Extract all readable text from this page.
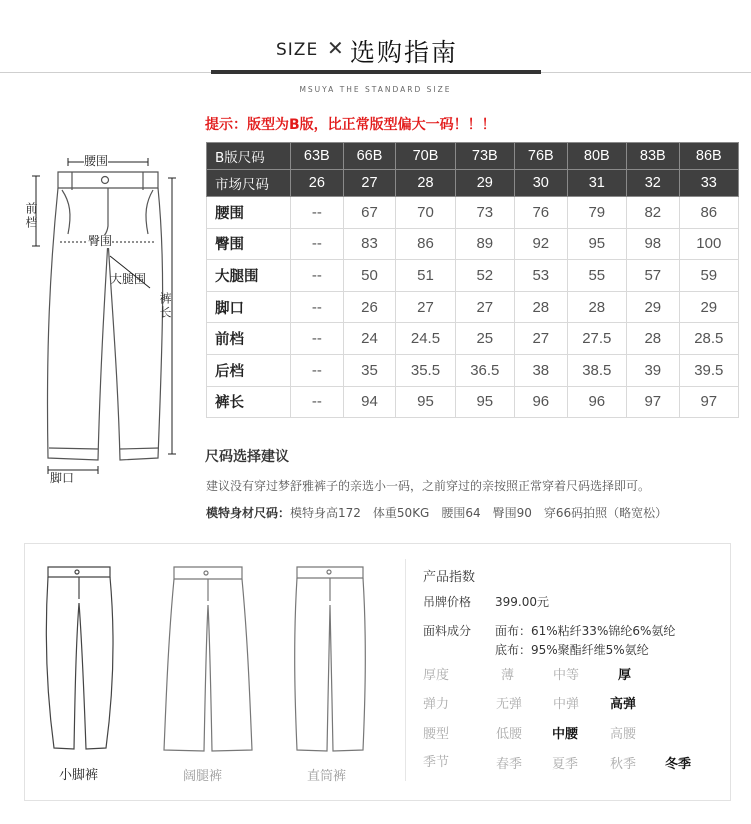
SIZE ✕ 选购指南
MSUYA THE STANDARD SIZE
提示：版型为B版，比正常版型偏大一码！！！
腰围
前档
臀围
大腿围
裤长
脚口
B版尺码	63B	66B	70B	73B	76B	80B	83B	86B
市场尺码	26	27	28	29	30	31	32	33
腰围	--	67	70	73	76	79	82	86
臀围	--	83	86	89	92	95	98	100
大腿围	--	50	51	52	53	55	57	59
脚口	--	26	27	27	28	28	29	29
前档	--	24	24.5	25	27	27.5	28	28.5
后档	--	35	35.5	36.5	38	38.5	39	39.5
裤长	--	94	95	95	96	96	97	97
尺码选择建议
建议没有穿过梦舒雅裤子的亲选小一码，之前穿过的亲按照正常穿着尺码选择即可。
模特身材尺码：模特身高172　体重50KG　腰围64　臀围90　穿66码拍照（略宽松）
小脚裤	阔腿裤	直筒裤
产品指数
吊牌价格 399.00元
面料成分 面布：61%粘纤33%锦纶6%氨纶
底布：95%聚酯纤维5%氨纶
厚度	薄	中等	厚
弹力	无弹 中弹 高弹
腰型	低腰 中腰 高腰
季节	春季 夏季 秋季 冬季
